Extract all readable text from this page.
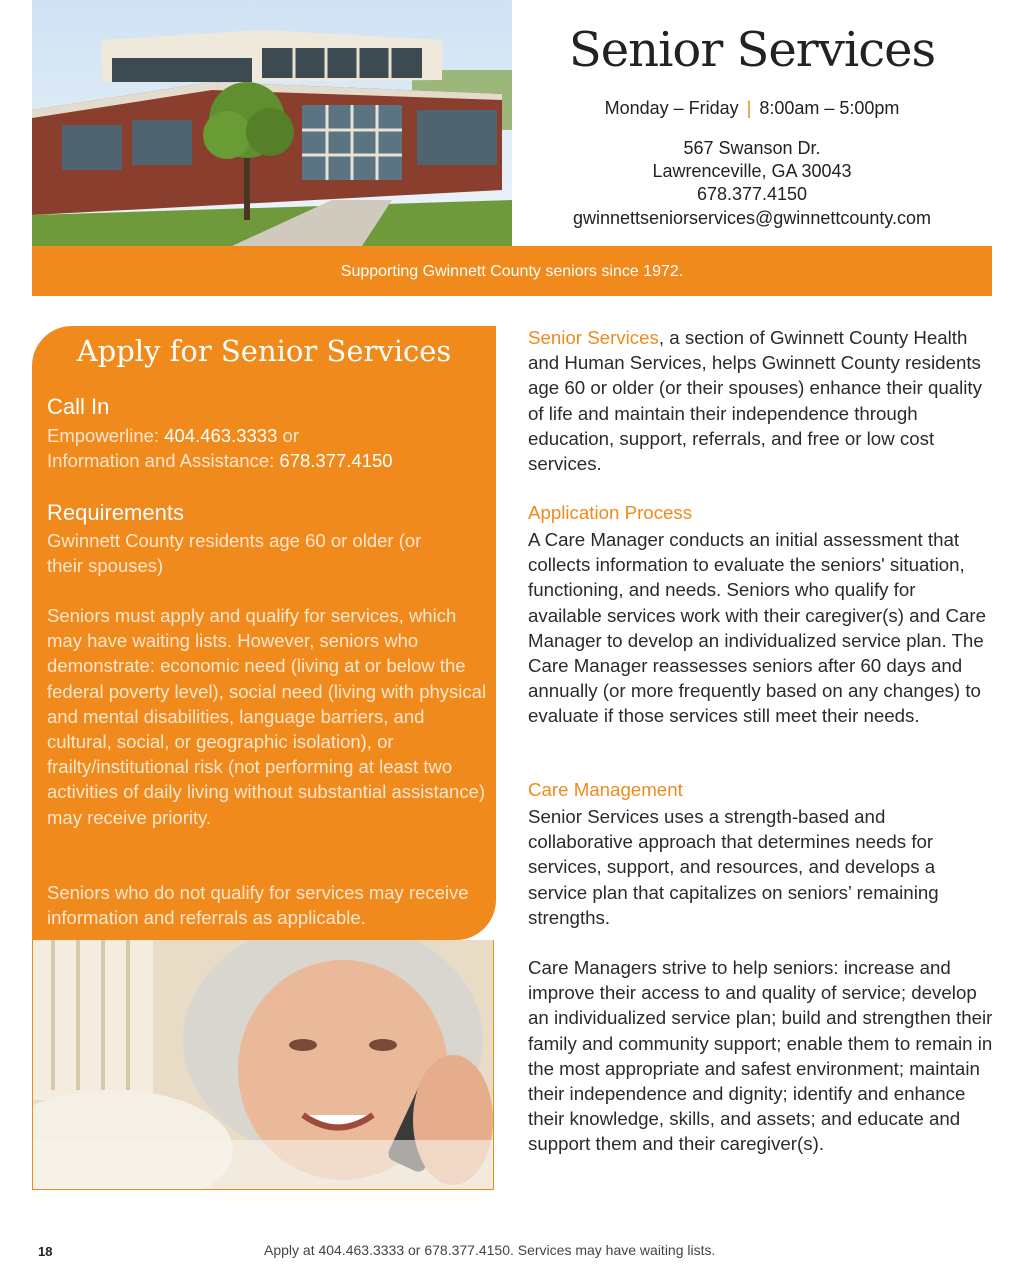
Senior Services
Monday – Friday | 8:00am – 5:00pm
567 Swanson Dr.
Lawrenceville, GA 30043
678.377.4150
gwinnettseniorservices@gwinnettcounty.com
Supporting Gwinnett County seniors since 1972.
Apply for Senior Services
Call In
Empowerline: 404.463.3333 or
Information and Assistance: 678.377.4150
Requirements
Gwinnett County residents age 60 or older (or their spouses)
Seniors must apply and qualify for services, which may have waiting lists. However, seniors who demonstrate: economic need (living at or below the federal poverty level), social need (living with physical and mental disabilities, language barriers, and cultural, social, or geographic isolation), or frailty/institutional risk (not performing at least two activities of daily living without substantial assistance) may receive priority.
Seniors who do not qualify for services may receive information and referrals as applicable.
Senior Services, a section of Gwinnett County Health and Human Services, helps Gwinnett County residents age 60 or older (or their spouses) enhance their quality of life and maintain their independence through education, support, referrals, and free or low cost services.
Application Process
A Care Manager conducts an initial assessment that collects information to evaluate the seniors' situation, functioning, and needs. Seniors who qualify for available services work with their caregiver(s) and Care Manager to develop an individualized service plan. The Care Manager reassesses seniors after 60 days and annually (or more frequently based on any changes) to evaluate if those services still meet their needs.
Care Management
Senior Services uses a strength-based and collaborative approach that determines needs for services, support, and resources, and develops a service plan that capitalizes on seniors’ remaining strengths.
Care Managers strive to help seniors: increase and improve their access to and quality of service; develop an individualized service plan; build and strengthen their family and community support; enable them to remain in the most appropriate and safest environment; maintain their independence and dignity; identify and enhance their knowledge, skills, and assets; and educate and support them and their caregiver(s).
18	Apply at 404.463.3333 or 678.377.4150. Services may have waiting lists.
